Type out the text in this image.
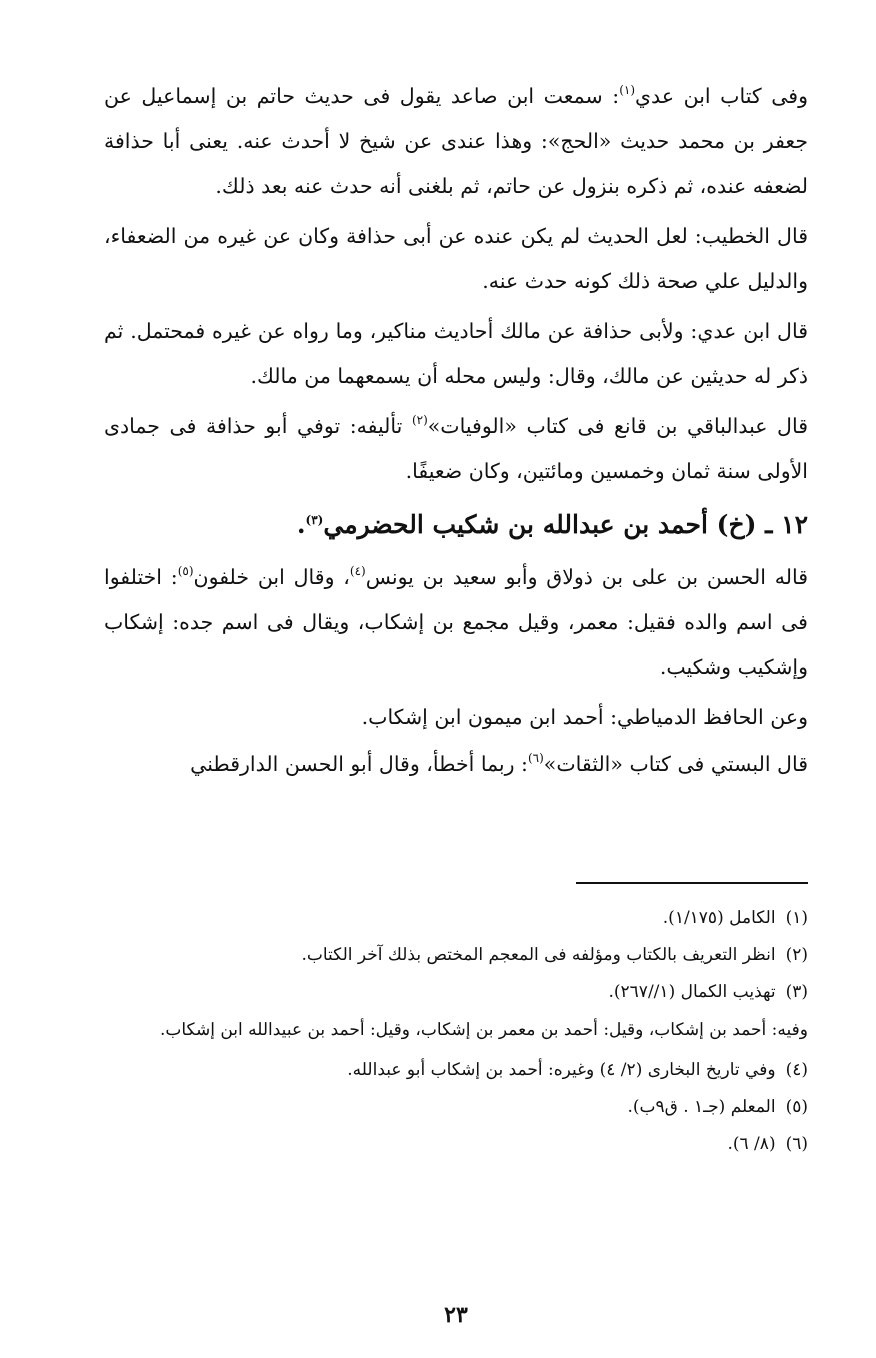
وفى كتاب ابن عدي$^{(١)}$: سمعت ابن صاعد يقول فى حديث حاتم بن إسماعيل عن جعفر بن محمد حديث «الحج»: وهذا عندى عن شيخ لا أحدث عنه. يعنى أبا حذافة لضعفه عنده، ثم ذكره بنزول عن حاتم، ثم بلغنى أنه حدث عنه بعد ذلك.

قال الخطيب: لعل الحديث لم يكن عنده عن أبى حذافة وكان عن غيره من الضعفاء، والدليل علي صحة ذلك كونه حدث عنه.

قال ابن عدي: ولأبى حذافة عن مالك أحاديث مناكير، وما رواه عن غيره فمحتمل. ثم ذكر له حديثين عن مالك، وقال: وليس محله أن يسمعهما من مالك.

قال عبدالباقي بن قانع فى كتاب «الوفيات»$^{(٢)}$ تأليفه: توفي أبو حذافة فى جمادى الأولى سنة ثمان وخمسين ومائتين، وكان ضعيفًا.

١٢ ـ (خ) أحمد بن عبدالله بن شكيب الحضرمي$^{(٣)}$.

قاله الحسن بن على بن ذولاق وأبو سعيد بن يونس$^{(٤)}$، وقال ابن خلفون$^{(٥)}$: اختلفوا فى اسم والده فقيل: معمر، وقيل مجمع بن إشكاب، ويقال فى اسم جده: إشكاب وإشكيب وشكيب.

وعن الحافظ الدمياطي: أحمد ابن ميمون ابن إشكاب.

قال البستي فى كتاب «الثقات»$^{(٦)}$: ربما أخطأ، وقال أبو الحسن الدارقطني

(١)الكامل (١/١٧٥).
(٢)انظر التعريف بالكتاب ومؤلفه فى المعجم المختص بذلك آخر الكتاب.
(٣)تهذيب الكمال (١//٢٦٧).
وفيه: أحمد بن إشكاب، وقيل: أحمد بن معمر بن إشكاب، وقيل: أحمد بن عبيدالله ابن إشكاب.
(٤)وفي تاريخ البخارى (٢/ ٤) وغيره: أحمد بن إشكاب أبو عبدالله.
(٥)المعلم (جـ١ . ق٩ب).
(٦)(٨/ ٦).
٢٣
